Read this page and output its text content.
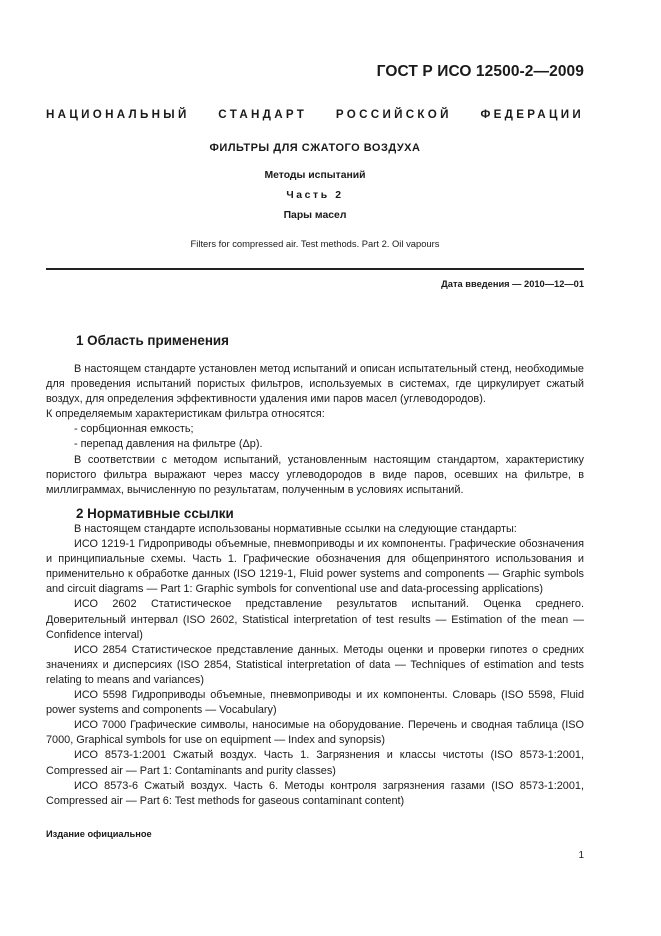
ГОСТ Р ИСО 12500-2—2009
НАЦИОНАЛЬНЫЙ СТАНДАРТ РОССИЙСКОЙ ФЕДЕРАЦИИ
ФИЛЬТРЫ ДЛЯ СЖАТОГО ВОЗДУХА
Методы испытаний
Часть 2
Пары масел
Filters for compressed air. Test methods. Part 2. Oil vapours
Дата введения — 2010—12—01
1 Область применения

В настоящем стандарте установлен метод испытаний и описан испытательный стенд, необходимые для проведения испытаний пористых фильтров, используемых в системах, где циркулирует сжатый воздух, для определения эффективности удаления ими паров масел (углеводородов).

К определяемым характеристикам фильтра относятся:

- сорбционная емкость;

- перепад давления на фильтре (Δp).

В соответствии с методом испытаний, установленным настоящим стандартом, характеристику пористого фильтра выражают через массу углеводородов в виде паров, осевших на фильтре, в миллиграммах, вычисленную по результатам, полученным в условиях испытаний.

2 Нормативные ссылки

В настоящем стандарте использованы нормативные ссылки на следующие стандарты:

ИСО 1219-1 Гидроприводы объемные, пневмоприводы и их компоненты. Графические обозначения и принципиальные схемы. Часть 1. Графические обозначения для общепринятого использования и применительно к обработке данных (ISO 1219-1, Fluid power systems and components — Graphic symbols and circuit diagrams — Part 1: Graphic symbols for conventional use and data-processing applications)

ИСО 2602 Статистическое представление результатов испытаний. Оценка среднего. Доверительный интервал (ISO 2602, Statistical interpretation of test results — Estimation of the mean — Confidence interval)

ИСО 2854 Статистическое представление данных. Методы оценки и проверки гипотез о средних значениях и дисперсиях (ISO 2854, Statistical interpretation of data — Techniques of estimation and tests relating to means and variances)

ИСО 5598 Гидроприводы объемные, пневмоприводы и их компоненты. Словарь (ISO 5598, Fluid power systems and components — Vocabulary)

ИСО 7000 Графические символы, наносимые на оборудование. Перечень и сводная таблица (ISO 7000, Graphical symbols for use on equipment — Index and synopsis)

ИСО 8573-1:2001 Сжатый воздух. Часть 1. Загрязнения и классы чистоты (ISO 8573-1:2001, Compressed air — Part 1: Contaminants and purity classes)

ИСО 8573-6 Сжатый воздух. Часть 6. Методы контроля загрязнения газами (ISO 8573-1:2001, Compressed air — Part 6: Test methods for gaseous contaminant content)

Издание официальное
1
